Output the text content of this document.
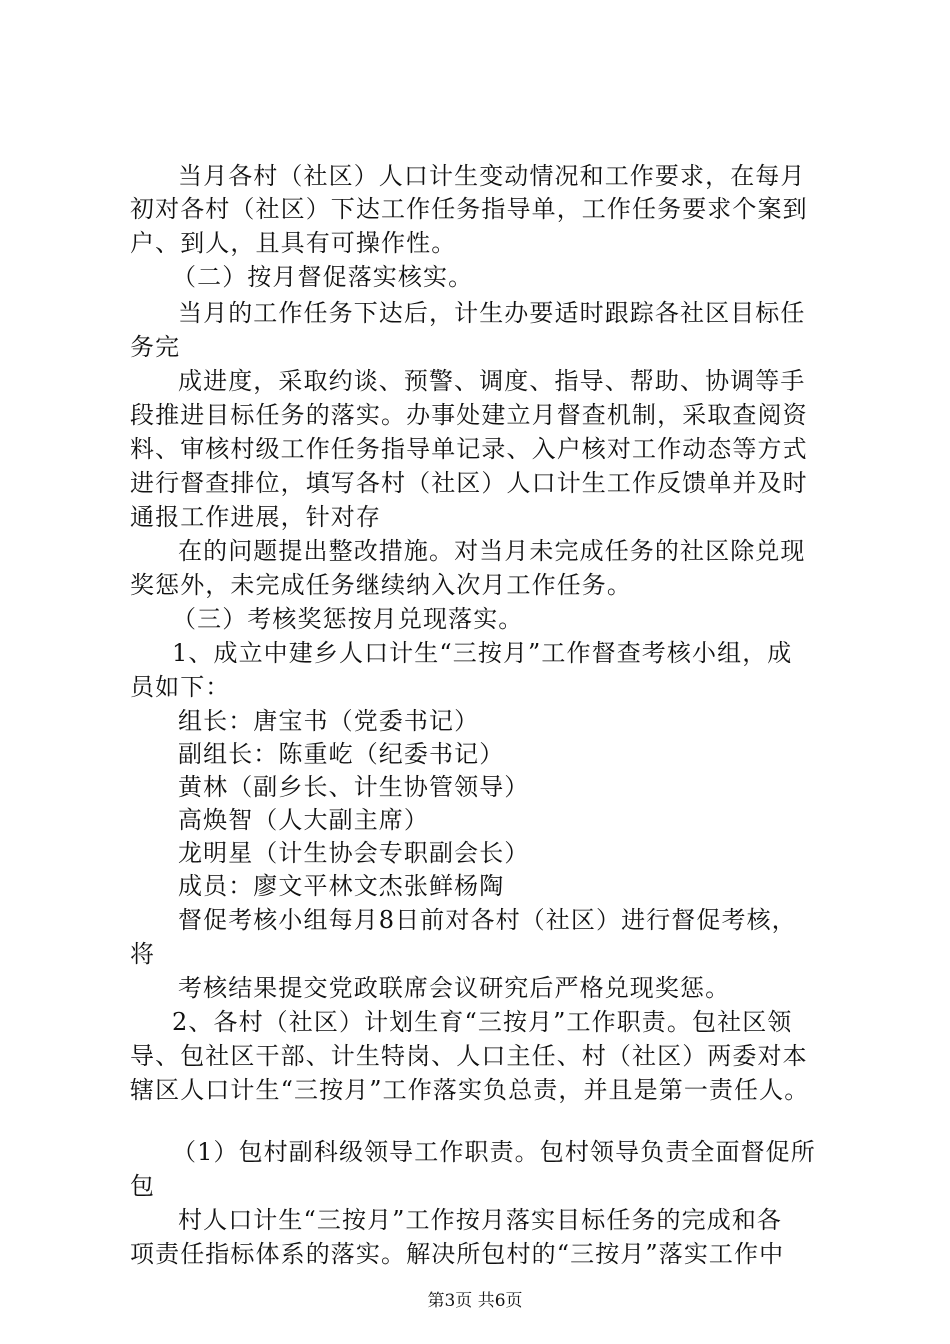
当月各村（社区）人口计生变动情况和工作要求，在每月
初对各村（社区）下达工作任务指导单，工作任务要求个案到
户、到人，且具有可操作性。
（二）按月督促落实核实。
当月的工作任务下达后，计生办要适时跟踪各社区目标任
务完
成进度，采取约谈、预警、调度、指导、帮助、协调等手
段推进目标任务的落实。办事处建立月督查机制，采取查阅资
料、审核村级工作任务指导单记录、入户核对工作动态等方式
进行督查排位，填写各村（社区）人口计生工作反馈单并及时
通报工作进展，针对存
在的问题提出整改措施。对当月未完成任务的社区除兑现
奖惩外，未完成任务继续纳入次月工作任务。
（三）考核奖惩按月兑现落实。
1、成立中建乡人口计生“三按月”工作督查考核小组，成
员如下：
组长：唐宝书（党委书记）
副组长：陈重屹（纪委书记）
黄林（副乡长、计生协管领导）
高焕智（人大副主席）
龙明星（计生协会专职副会长）
成员：廖文平林文杰张鲜杨陶
督促考核小组每月8日前对各村（社区）进行督促考核，
将
考核结果提交党政联席会议研究后严格兑现奖惩。
2、各村（社区）计划生育“三按月”工作职责。包社区领
导、包社区干部、计生特岗、人口主任、村（社区）两委对本
辖区人口计生“三按月”工作落实负总责，并且是第一责任人。
（1）包村副科级领导工作职责。包村领导负责全面督促所
包
村人口计生“三按月”工作按月落实目标任务的完成和各
项责任指标体系的落实。解决所包村的“三按月”落实工作中
第3页 共6页
